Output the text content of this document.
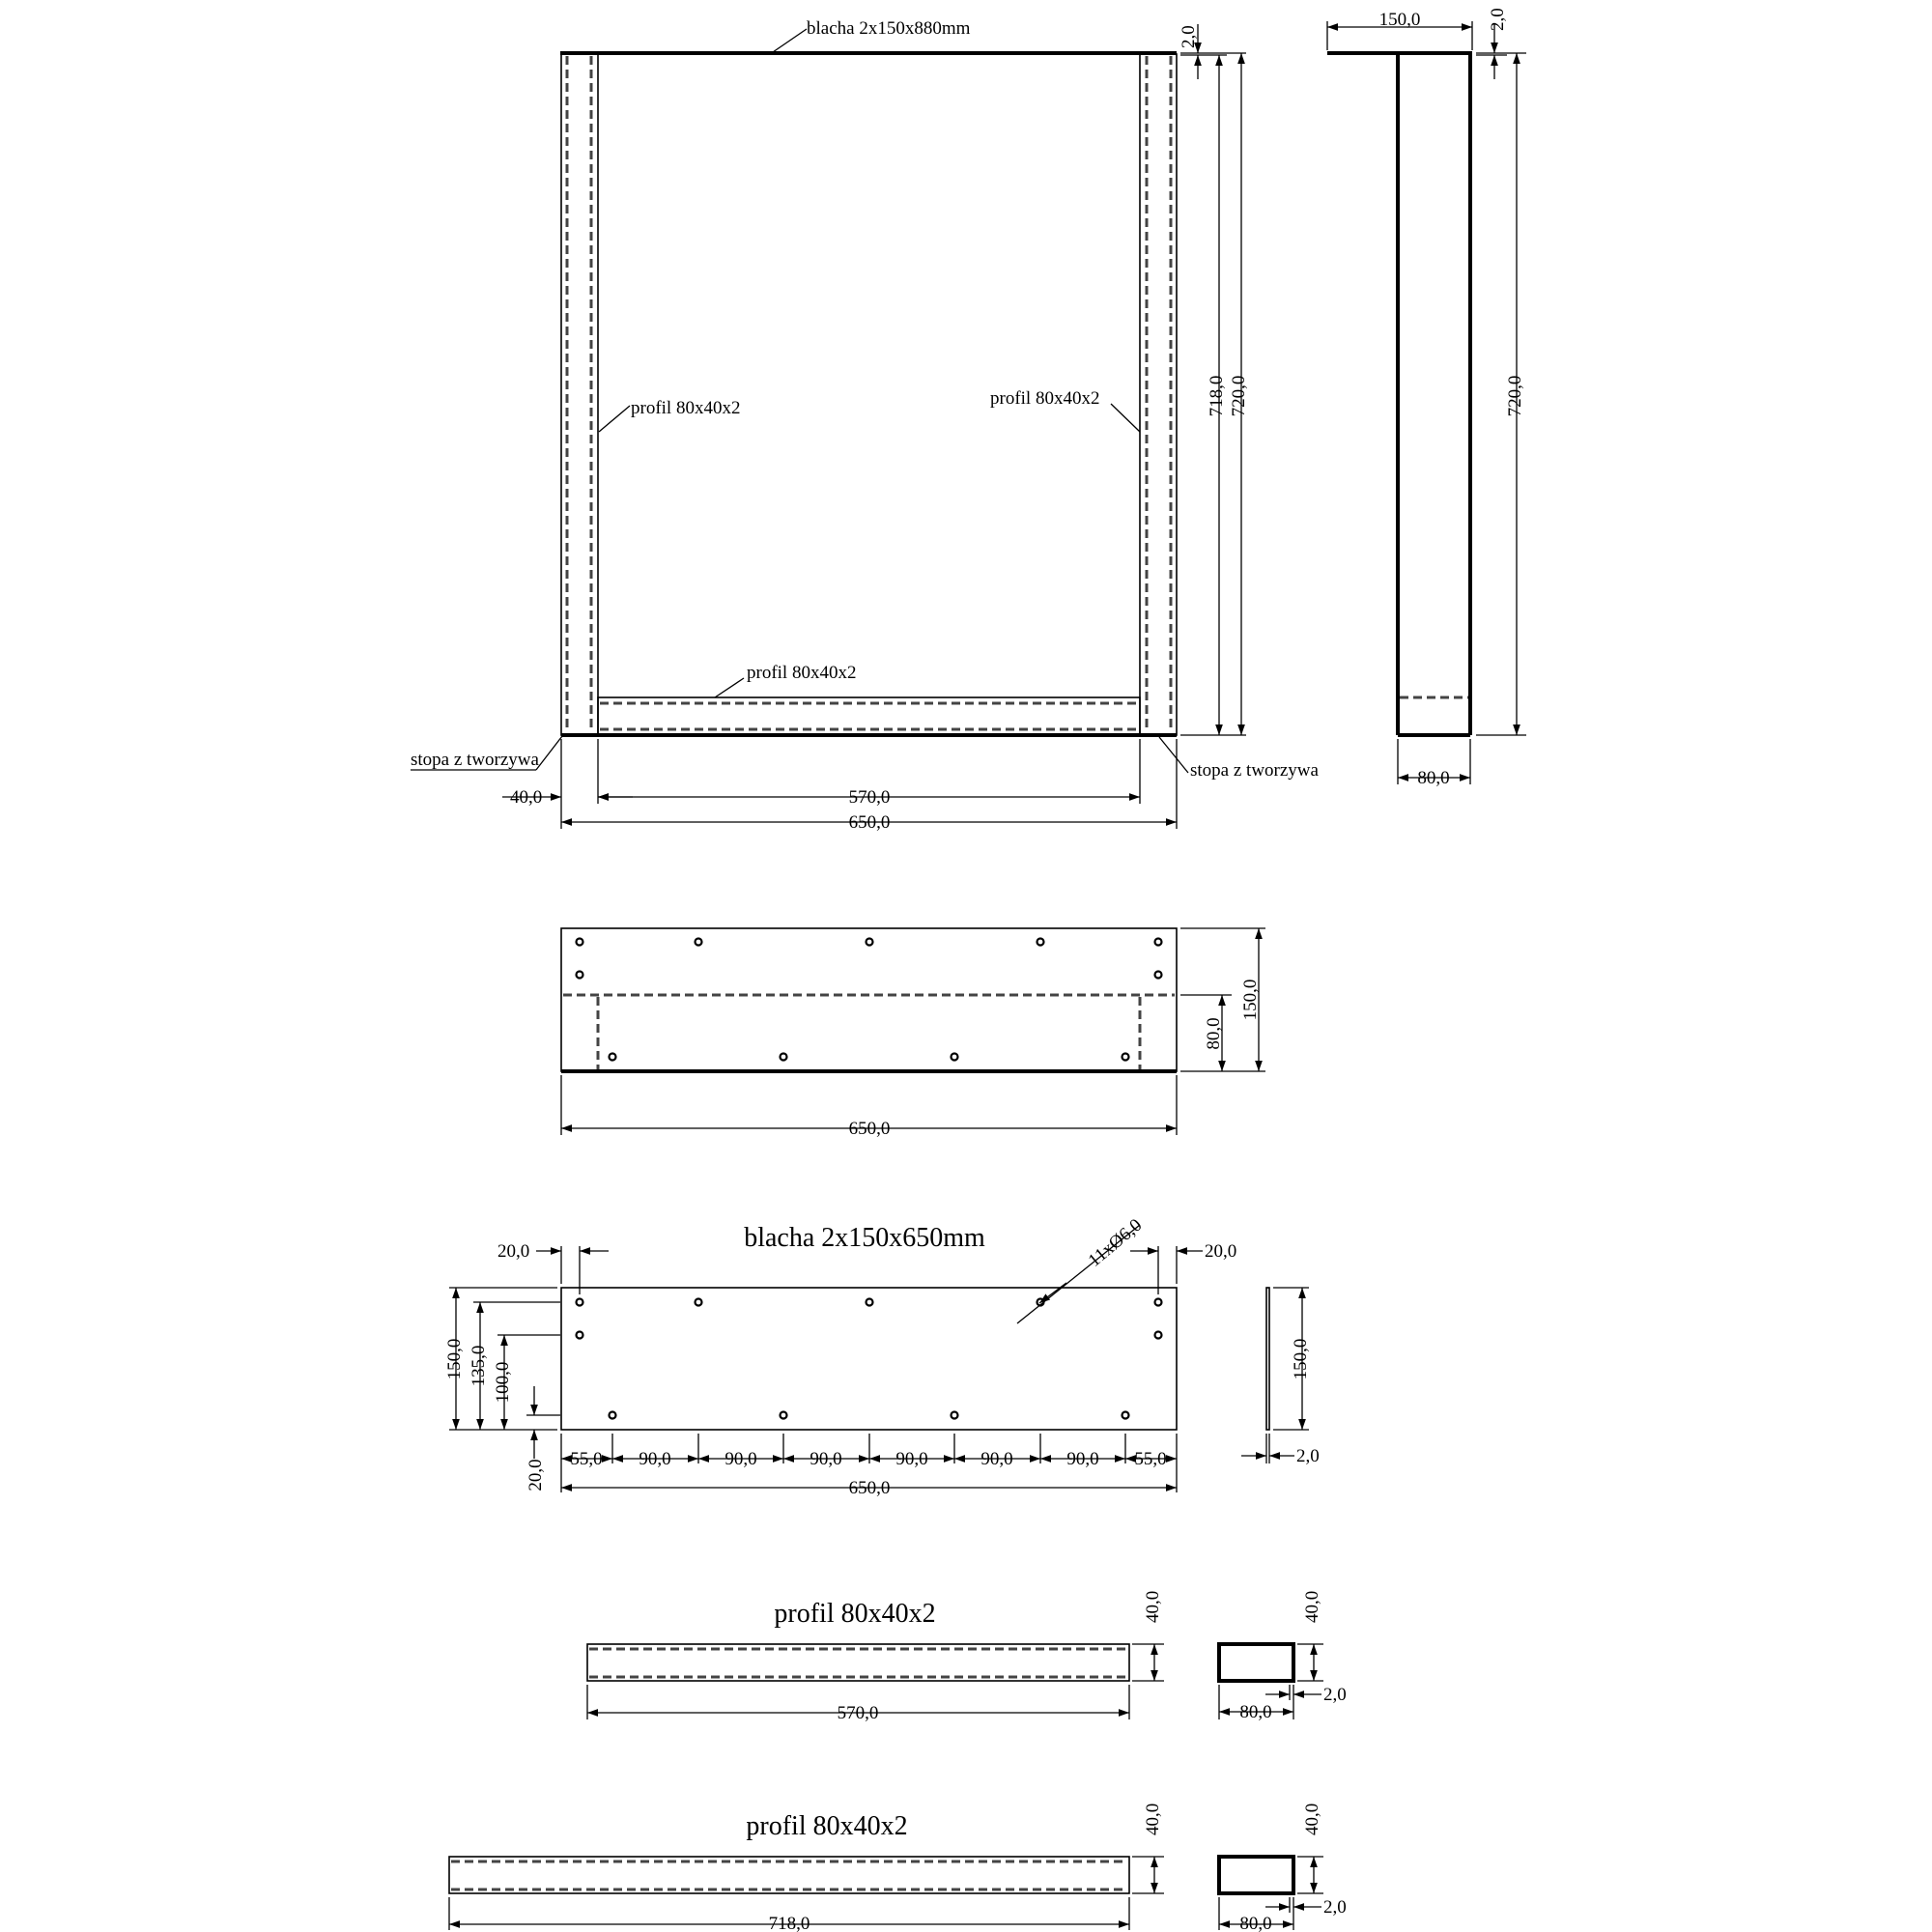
blacha 2x150x880mm
profil 80x40x2	profil 80x40x2
profil 80x40x2
stopa z tworzywa
stopa z tworzywa
2,0
718,0 720,0
40,0	570,0
650,0
150,0	2,0
720,0
80,0
80,0
150,0
650,0
blacha 2x150x650mm	11xØ6,0
20,0	20,0
150,0 135,0 100,0
20,0 55,0 90,0	90,0	90,0	90,0	90,0	90,0 55,0
650,0
150,0
2,0
profil 80x40x2	40,0
570,0
40,0
80,0
2,0
profil 80x40x2	40,0
718,0
40,0
80,0
2,0
